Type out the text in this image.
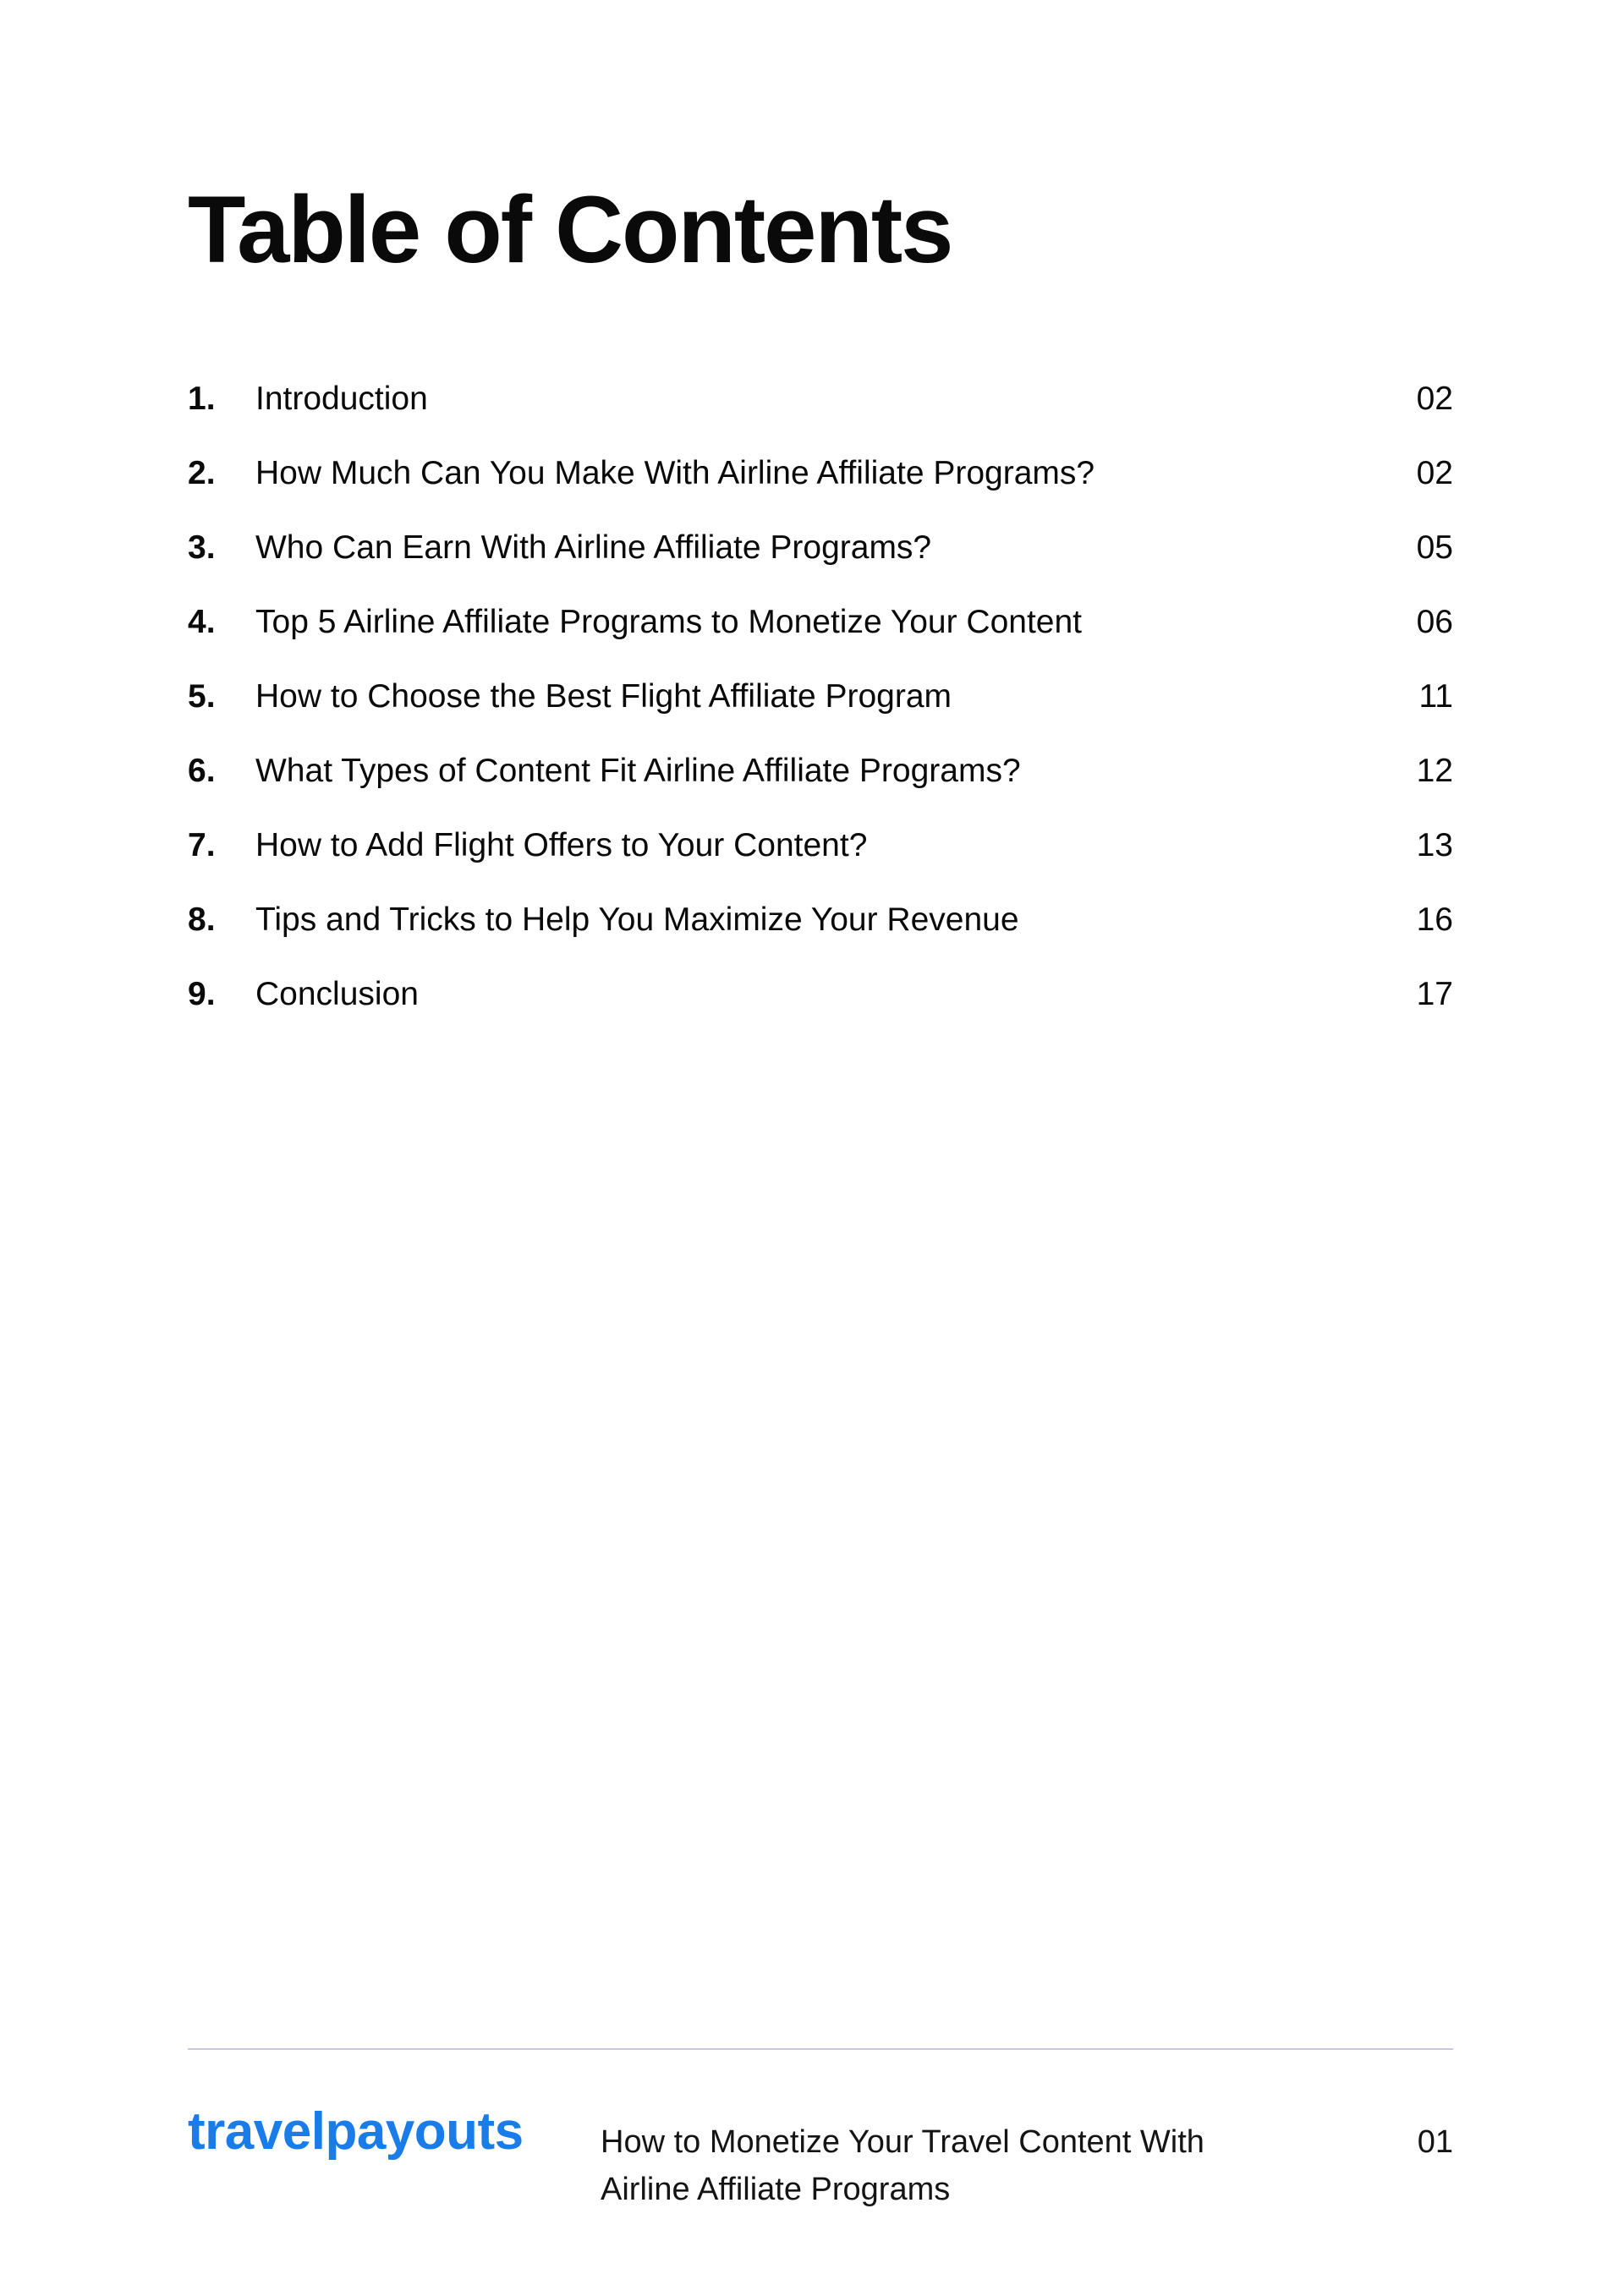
Table of Contents
1.	Introduction	02
2.	How Much Can You Make With Airline Affiliate Programs?	02
3.	Who Can Earn With Airline Affiliate Programs?	05
4.	Top 5 Airline Affiliate Programs to Monetize Your Content	06
5.	How to Choose the Best Flight Affiliate Program	11
6.	What Types of Content Fit Airline Affiliate Programs?	12
7.	How to Add Flight Offers to Your Content?	13
8.	Tips and Tricks to Help You Maximize Your Revenue	16
9.	Conclusion	17
travelpayouts How to Monetize Your Travel Content With
Airline Affiliate Programs
01
